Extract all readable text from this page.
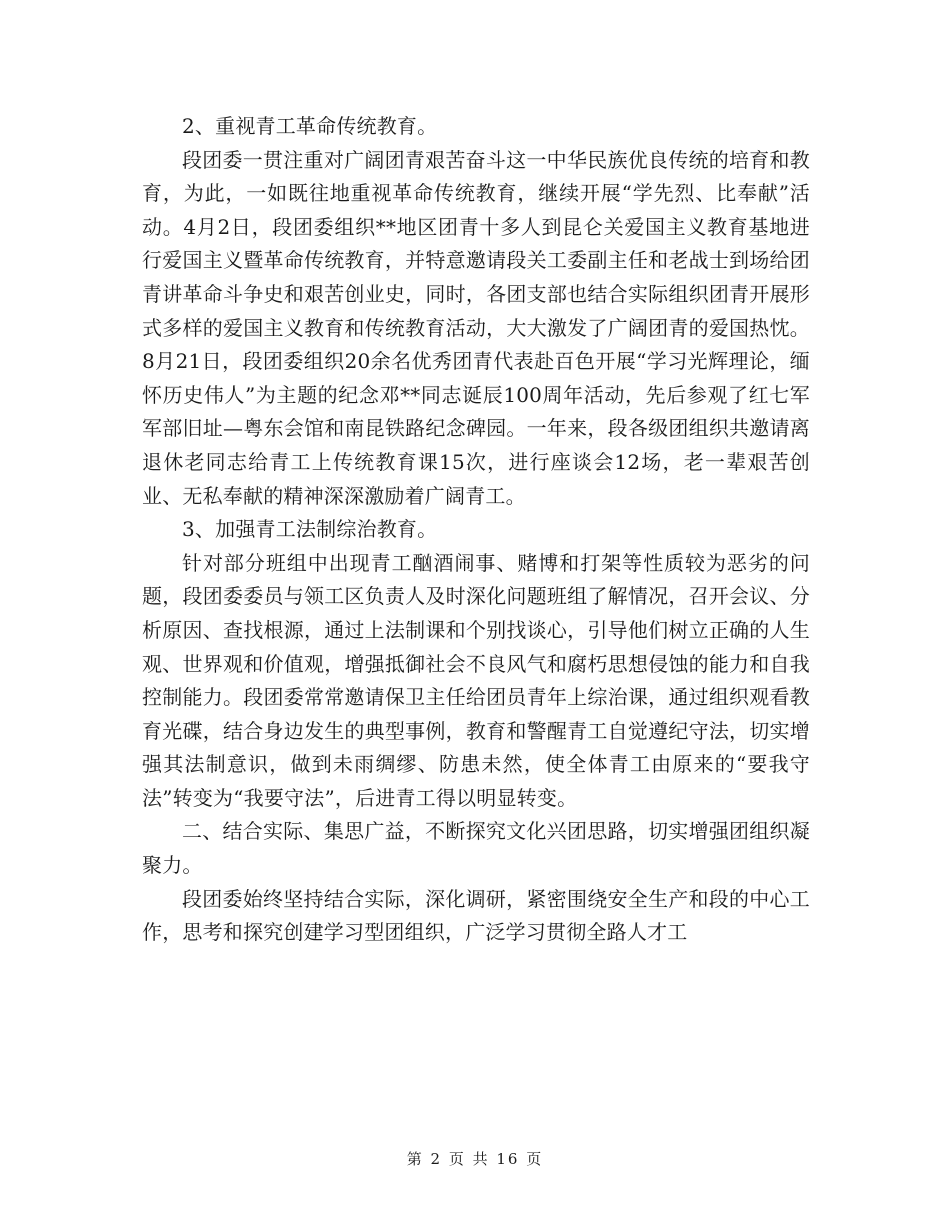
2、重视青工革命传统教育。

段团委一贯注重对广阔团青艰苦奋斗这一中华民族优良传统的培育和教育，为此，一如既往地重视革命传统教育，继续开展“学先烈、比奉献”活动。4月2日，段团委组织**地区团青十多人到昆仑关爱国主义教育基地进行爱国主义暨革命传统教育，并特意邀请段关工委副主任和老战士到场给团青讲革命斗争史和艰苦创业史，同时，各团支部也结合实际组织团青开展形式多样的爱国主义教育和传统教育活动，大大激发了广阔团青的爱国热忱。8月21日，段团委组织20余名优秀团青代表赴百色开展“学习光辉理论，缅怀历史伟人”为主题的纪念邓**同志诞辰100周年活动，先后参观了红七军军部旧址—粤东会馆和南昆铁路纪念碑园。一年来，段各级团组织共邀请离退休老同志给青工上传统教育课15次，进行座谈会12场，老一辈艰苦创业、无私奉献的精神深深激励着广阔青工。

3、加强青工法制综治教育。

针对部分班组中出现青工酗酒闹事、赌博和打架等性质较为恶劣的问题，段团委委员与领工区负责人及时深化问题班组了解情况，召开会议、分析原因、查找根源，通过上法制课和个别找谈心，引导他们树立正确的人生观、世界观和价值观，增强抵御社会不良风气和腐朽思想侵蚀的能力和自我控制能力。段团委常常邀请保卫主任给团员青年上综治课，通过组织观看教育光碟，结合身边发生的典型事例，教育和警醒青工自觉遵纪守法，切实增强其法制意识，做到未雨绸缪、防患未然，使全体青工由原来的“要我守法”转变为“我要守法”，后进青工得以明显转变。

二、结合实际、集思广益，不断探究文化兴团思路，切实增强团组织凝聚力。

段团委始终坚持结合实际，深化调研，紧密围绕安全生产和段的中心工作，思考和探究创建学习型团组织，广泛学习贯彻全路人才工

第 2 页 共 16 页
